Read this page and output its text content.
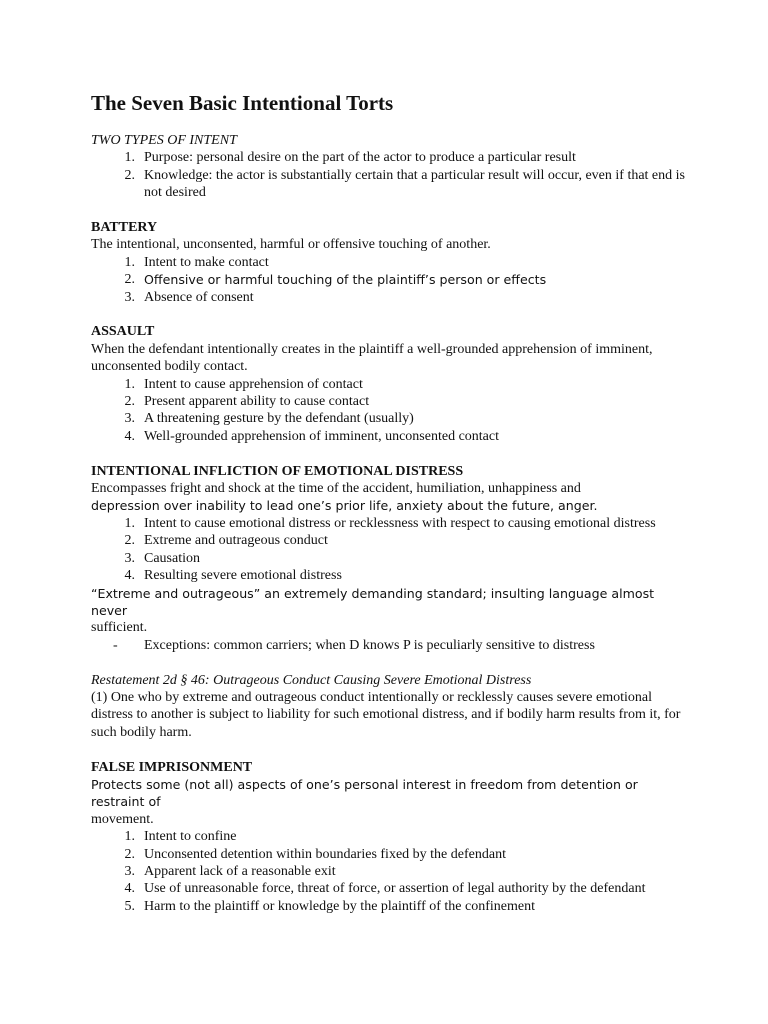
The Seven Basic Intentional Torts
TWO TYPES OF INTENT
1. Purpose: personal desire on the part of the actor to produce a particular result
2. Knowledge: the actor is substantially certain that a particular result will occur, even if that end is not desired
BATTERY
The intentional, unconsented, harmful or offensive touching of another.
1. Intent to make contact
2. Offensive or harmful touching of the plaintiff’s person or effects
3. Absence of consent
ASSAULT
When the defendant intentionally creates in the plaintiff a well-grounded apprehension of imminent, unconsented bodily contact.
1. Intent to cause apprehension of contact
2. Present apparent ability to cause contact
3. A threatening gesture by the defendant (usually)
4. Well-grounded apprehension of imminent, unconsented contact
INTENTIONAL INFLICTION OF EMOTIONAL DISTRESS
Encompasses fright and shock at the time of the accident, humiliation, unhappiness and
depression over inability to lead one’s prior life, anxiety about the future, anger.
1. Intent to cause emotional distress or recklessness with respect to causing emotional distress
2. Extreme and outrageous conduct
3. Causation
4. Resulting severe emotional distress
“Extreme and outrageous” an extremely demanding standard; insulting language almost never
sufficient.
-	Exceptions: common carriers; when D knows P is peculiarly sensitive to distress
Restatement 2d § 46: Outrageous Conduct Causing Severe Emotional Distress
(1) One who by extreme and outrageous conduct intentionally or recklessly causes severe emotional distress to another is subject to liability for such emotional distress, and if bodily harm results from it, for such bodily harm.
FALSE IMPRISONMENT
Protects some (not all) aspects of one’s personal interest in freedom from detention or restraint of
movement.
1. Intent to confine
2. Unconsented detention within boundaries fixed by the defendant
3. Apparent lack of a reasonable exit
4. Use of unreasonable force, threat of force, or assertion of legal authority by the defendant
5. Harm to the plaintiff or knowledge by the plaintiff of the confinement
